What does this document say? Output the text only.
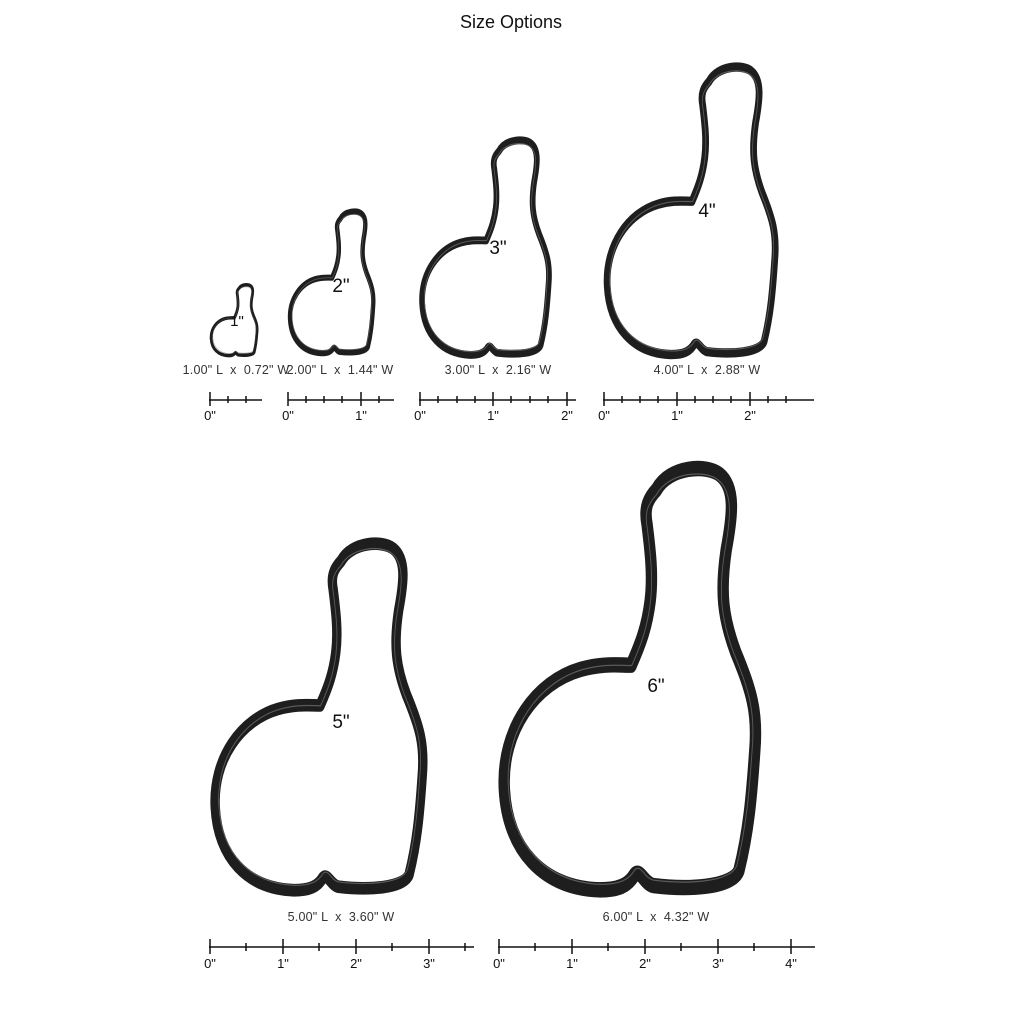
Size Options
1"
1.00" L  x  0.72" W
0"
2"
2.00" L  x  1.44" W
0"	1"
3"
3.00" L  x  2.16" W
0"	1"	2"
4"
4.00" L  x  2.88" W
0"	1"	2"
5"
5.00" L  x  3.60" W
0"	1"	2"	3"
6"
6.00" L  x  4.32" W
0"	1"	2"	3"	4"
